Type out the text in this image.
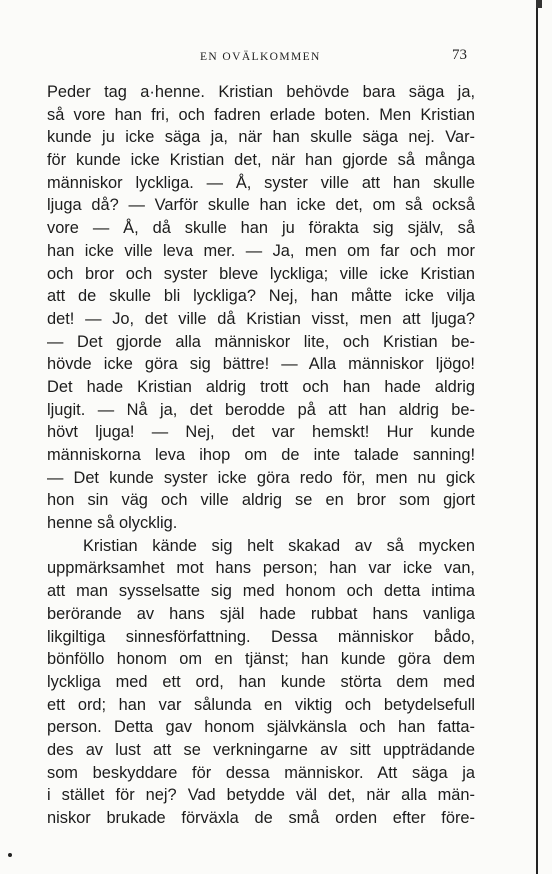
EN OVÄLKOMMEN	73
Peder tag a·henne. Kristian behövde bara säga ja,
så vore han fri, och fadren erlade boten. Men Kristian
kunde ju icke säga ja, när han skulle säga nej. Var-
för kunde icke Kristian det, när han gjorde så många
människor lyckliga. — Å, syster ville att han skulle
ljuga då? — Varför skulle han icke det, om så också
vore — Å, då skulle han ju förakta sig själv, så
han icke ville leva mer. — Ja, men om far och mor
och bror och syster bleve lyckliga; ville icke Kristian
att de skulle bli lyckliga? Nej, han måtte icke vilja
det! — Jo, det ville då Kristian visst, men att ljuga?
— Det gjorde alla människor lite, och Kristian be-
hövde icke göra sig bättre! — Alla människor ljögo!
Det hade Kristian aldrig trott och han hade aldrig
ljugit. — Nå ja, det berodde på att han aldrig be-
hövt ljuga! — Nej, det var hemskt! Hur kunde
människorna leva ihop om de inte talade sanning!
— Det kunde syster icke göra redo för, men nu gick
hon sin väg och ville aldrig se en bror som gjort
henne så olycklig.
Kristian kände sig helt skakad av så mycken
uppmärksamhet mot hans person; han var icke van,
att man sysselsatte sig med honom och detta intima
berörande av hans själ hade rubbat hans vanliga
likgiltiga sinnesförfattning. Dessa människor bådo,
bönföllo honom om en tjänst; han kunde göra dem
lyckliga med ett ord, han kunde störta dem med
ett ord; han var sålunda en viktig och betydelsefull
person. Detta gav honom självkänsla och han fatta-
des av lust att se verkningarne av sitt uppträdande
som beskyddare för dessa människor. Att säga ja
i stället för nej? Vad betydde väl det, när alla män-
niskor brukade förväxla de små orden efter före-
